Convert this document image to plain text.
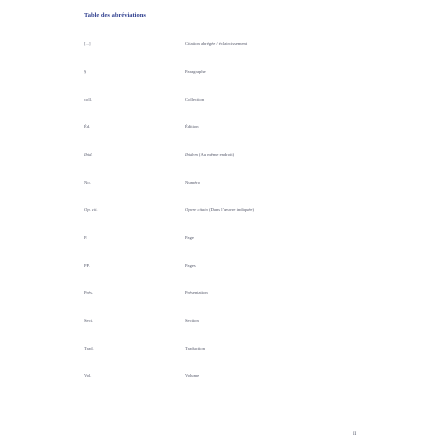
Table des abréviations
[...]	Citation abrégée / éclaircissement
§	Paragraphe
coll.	Collection
Éd.	Édition
Ibid.	Ibidem (Au même endroit)
No.	Numéro
Op. cit.	Opere citato (Dans l’œuvre indiquée)
P.	Page
PP.	Pages
Prés.	Présentation
Sect.	Section
Trad.	Traduction
Vol.	Volume
II
